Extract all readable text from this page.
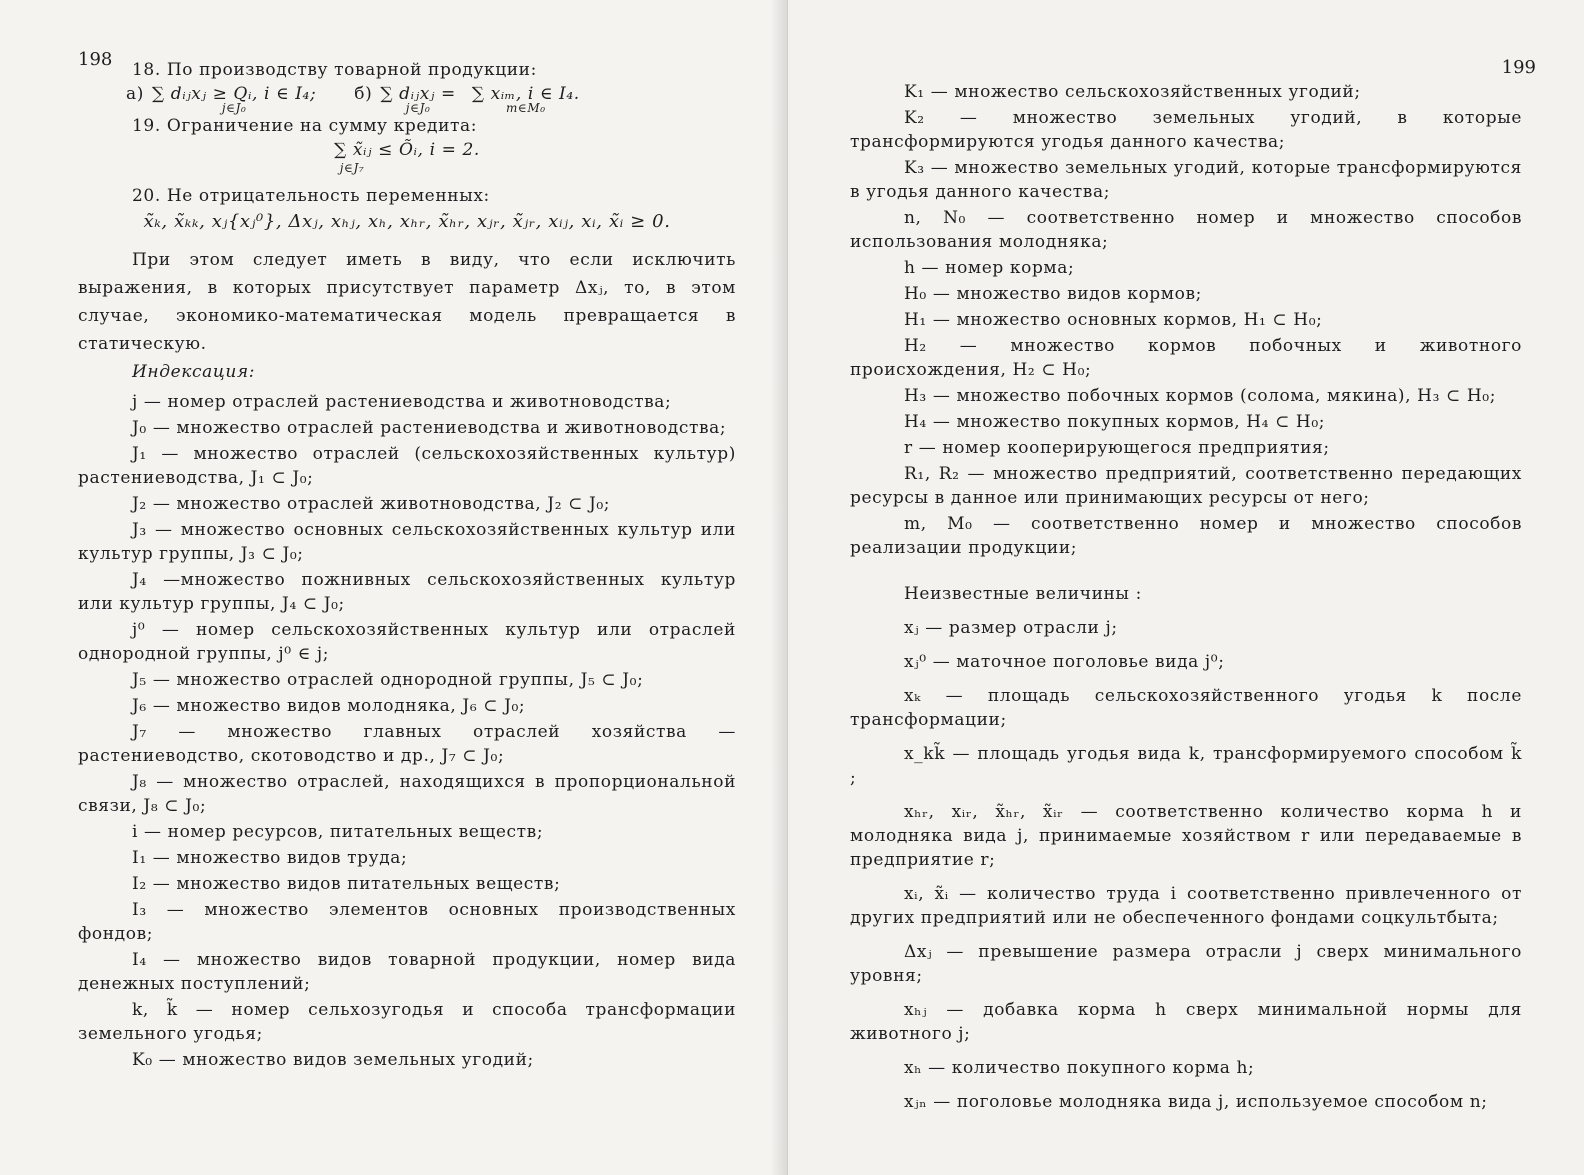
198	18. По производству товарной продукции:

а) ∑ dᵢⱼxⱼ ≥ Qᵢ, i ∈ I₄;
j∈J₀
б) ∑ dᵢⱼxⱼ =
j∈J₀
∑ xᵢₘ, i ∈ I₄.
m∈M₀

19. Ограничение на сумму кредита:

∑ x̃ᵢⱼ ≤ Õᵢ, i = 2.
j∈J₇

20. Не отрицательность переменных:

x̃ₖ, x̃ₖₖ, xⱼ{xⱼ⁰}, Δxⱼ, xₕⱼ, xₕ, xₕᵣ, x̃ₕᵣ, xⱼᵣ, x̃ⱼᵣ, xᵢⱼ, xᵢ, x̃ᵢ ≥ 0.

При этом следует иметь в виду, что если исключить выражения, в которых присутствует параметр Δxⱼ, то, в этом случае, экономико-математическая модель превращается в статическую.

Индексация:

j — номер отраслей растениеводства и животноводства;

J₀ — множество отраслей растениеводства и животноводства;

J₁ — множество отраслей (сельскохозяйственных культур) растениеводства, J₁ ⊂ J₀;

J₂ — множество отраслей животноводства, J₂ ⊂ J₀;

J₃ — множество основных сельскохозяйственных культур или культур группы, J₃ ⊂ J₀;

J₄ —множество пожнивных сельскохозяйственных культур или культур группы, J₄ ⊂ J₀;

j⁰ — номер сельскохозяйственных культур или отраслей однородной группы, j⁰ ∈ j;

J₅ — множество отраслей однородной группы, J₅ ⊂ J₀;

J₆ — множество видов молодняка, J₆ ⊂ J₀;

J₇ — множество главных отраслей хозяйства — растениеводство, скотоводство и др., J₇ ⊂ J₀;

J₈ — множество отраслей, находящихся в пропорциональной связи, J₈ ⊂ J₀;

i — номер ресурсов, питательных веществ;

I₁ — множество видов труда;

I₂ — множество видов питательных веществ;

I₃ — множество элементов основных производственных фондов;

I₄ — множество видов товарной продукции, номер вида денежных поступлений;

k, k̃ — номер сельхозугодья и способа трансформации земельного угодья;

K₀ — множество видов земельных угодий;

199

K₁ — множество сельскохозяйственных угодий;

K₂ — множество земельных угодий, в которые трансформируются угодья данного качества;

K₃ — множество земельных угодий, которые трансформируются в угодья данного качества;

n, N₀ — соответственно номер и множество способов использования молодняка;

h — номер корма;

H₀ — множество видов кормов;

H₁ — множество основных кормов, H₁ ⊂ H₀;

H₂ — множество кормов побочных и животного происхождения, H₂ ⊂ H₀;

H₃ — множество побочных кормов (солома, мякина), H₃ ⊂ H₀;

H₄ — множество покупных кормов, H₄ ⊂ H₀;

r — номер кооперирующегося предприятия;

R₁, R₂ — множество предприятий, соответственно передающих ресурсы в данное или принимающих ресурсы от него;

m, M₀ — соответственно номер и множество способов реализации продукции;

Неизвестные величины :

xⱼ — размер отрасли j;

xⱼ⁰ — маточное поголовье вида j⁰;

xₖ — площадь сельскохозяйственного угодья k после трансформации;

x_kk̃ — площадь угодья вида k, трансформируемого способом k̃ ;

xₕᵣ, xᵢᵣ, x̃ₕᵣ, x̃ᵢᵣ — соответственно количество корма h и молодняка вида j, принимаемые хозяйством r или передаваемые в предприятие r;

xᵢ, x̃ᵢ — количество труда i соответственно привлеченного от других предприятий или не обеспеченного фондами соцкультбыта;

Δxⱼ — превышение размера отрасли j сверх минимального уровня;

xₕⱼ — добавка корма h сверх минимальной нормы для животного j;

xₕ — количество покупного корма h;

xⱼₙ — поголовье молодняка вида j, используемое способом n;
